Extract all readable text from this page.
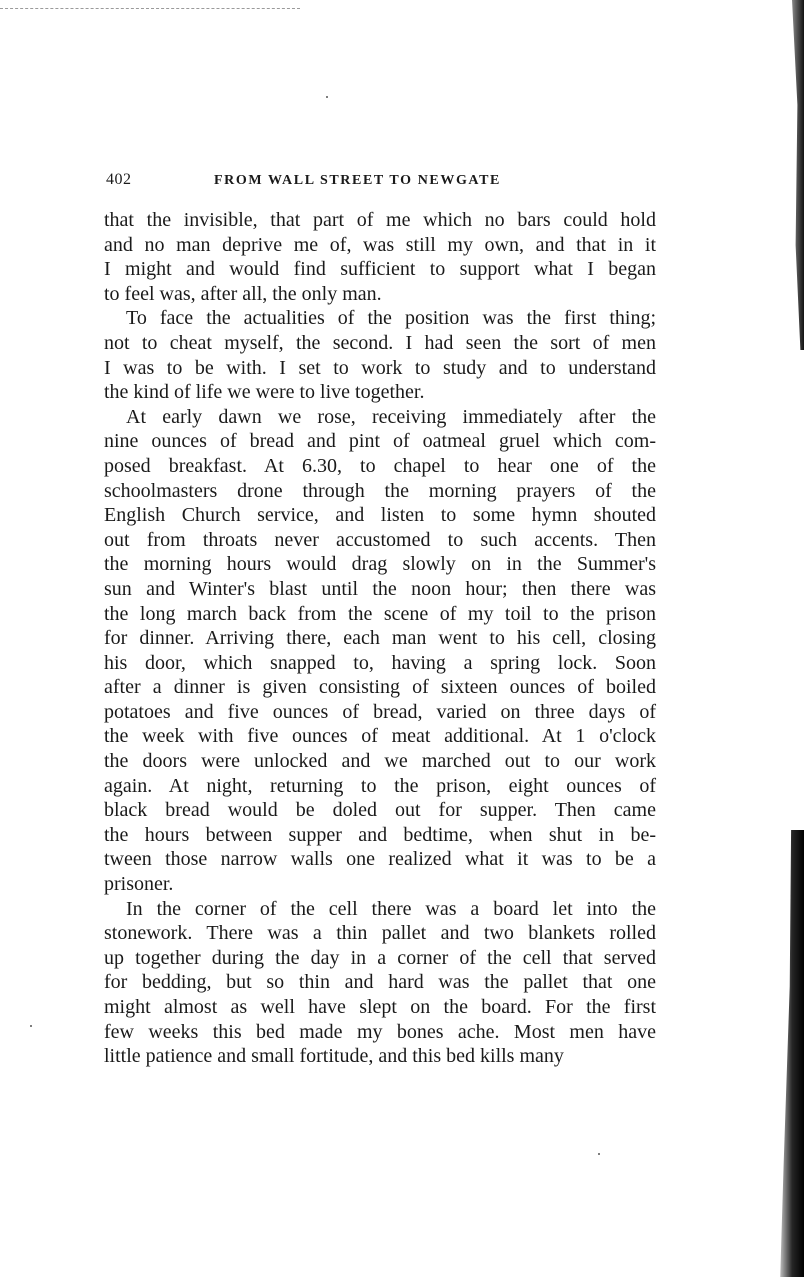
402	FROM WALL STREET TO NEWGATE
that the invisible, that part of me which no bars could hold
and no man deprive me of, was still my own, and that in it
I might and would find sufficient to support what I began
to feel was, after all, the only man.
To face the actualities of the position was the first thing;
not to cheat myself, the second. I had seen the sort of men
I was to be with. I set to work to study and to understand
the kind of life we were to live together.
At early dawn we rose, receiving immediately after the
nine ounces of bread and pint of oatmeal gruel which com-
posed breakfast. At 6.30, to chapel to hear one of the
schoolmasters drone through the morning prayers of the
English Church service, and listen to some hymn shouted
out from throats never accustomed to such accents. Then
the morning hours would drag slowly on in the Summer's
sun and Winter's blast until the noon hour; then there was
the long march back from the scene of my toil to the prison
for dinner. Arriving there, each man went to his cell, closing
his door, which snapped to, having a spring lock. Soon
after a dinner is given consisting of sixteen ounces of boiled
potatoes and five ounces of bread, varied on three days of
the week with five ounces of meat additional. At 1 o'clock
the doors were unlocked and we marched out to our work
again. At night, returning to the prison, eight ounces of
black bread would be doled out for supper. Then came
the hours between supper and bedtime, when shut in be-
tween those narrow walls one realized what it was to be a
prisoner.
In the corner of the cell there was a board let into the
stonework. There was a thin pallet and two blankets rolled
up together during the day in a corner of the cell that served
for bedding, but so thin and hard was the pallet that one
might almost as well have slept on the board. For the first
few weeks this bed made my bones ache. Most men have
little patience and small fortitude, and this bed kills many
